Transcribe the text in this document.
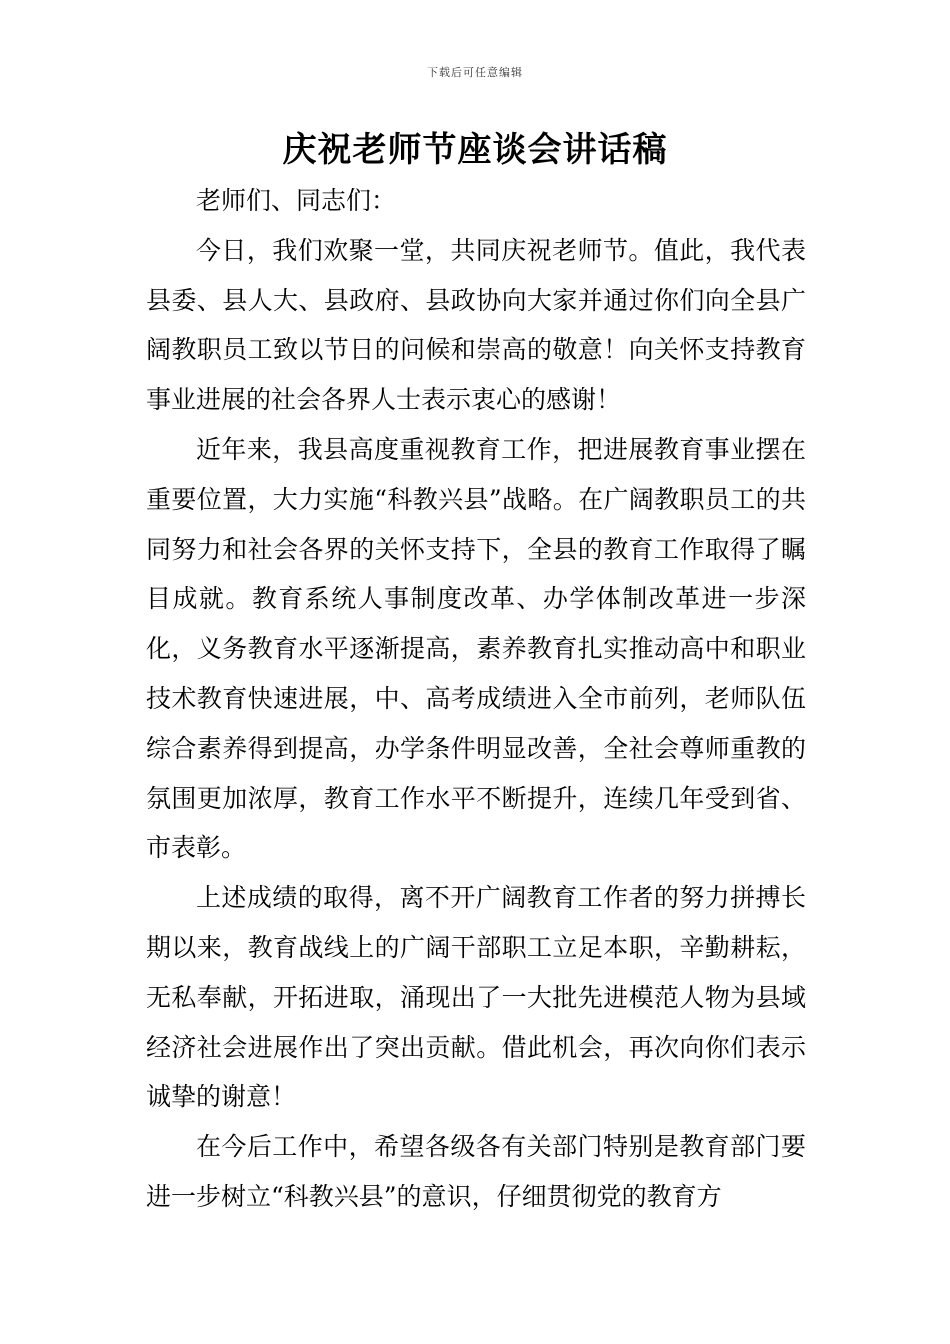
下载后可任意编辑
庆祝老师节座谈会讲话稿

老师们、同志们：

今日，我们欢聚一堂，共同庆祝老师节。值此，我代表县委、县人大、县政府、县政协向大家并通过你们向全县广阔教职员工致以节日的问候和崇高的敬意！向关怀支持教育事业进展的社会各界人士表示衷心的感谢！

近年来，我县高度重视教育工作，把进展教育事业摆在重要位置，大力实施“科教兴县”战略。在广阔教职员工的共同努力和社会各界的关怀支持下，全县的教育工作取得了瞩目成就。教育系统人事制度改革、办学体制改革进一步深化，义务教育水平逐渐提高，素养教育扎实推动高中和职业技术教育快速进展，中、高考成绩进入全市前列，老师队伍综合素养得到提高，办学条件明显改善，全社会尊师重教的氛围更加浓厚，教育工作水平不断提升，连续几年受到省、市表彰。

上述成绩的取得，离不开广阔教育工作者的努力拼搏长期以来，教育战线上的广阔干部职工立足本职，辛勤耕耘，无私奉献，开拓进取，涌现出了一大批先进模范人物为县域经济社会进展作出了突出贡献。借此机会，再次向你们表示诚挚的谢意！

在今后工作中，希望各级各有关部门特别是教育部门要进一步树立“科教兴县”的意识，仔细贯彻党的教育方
